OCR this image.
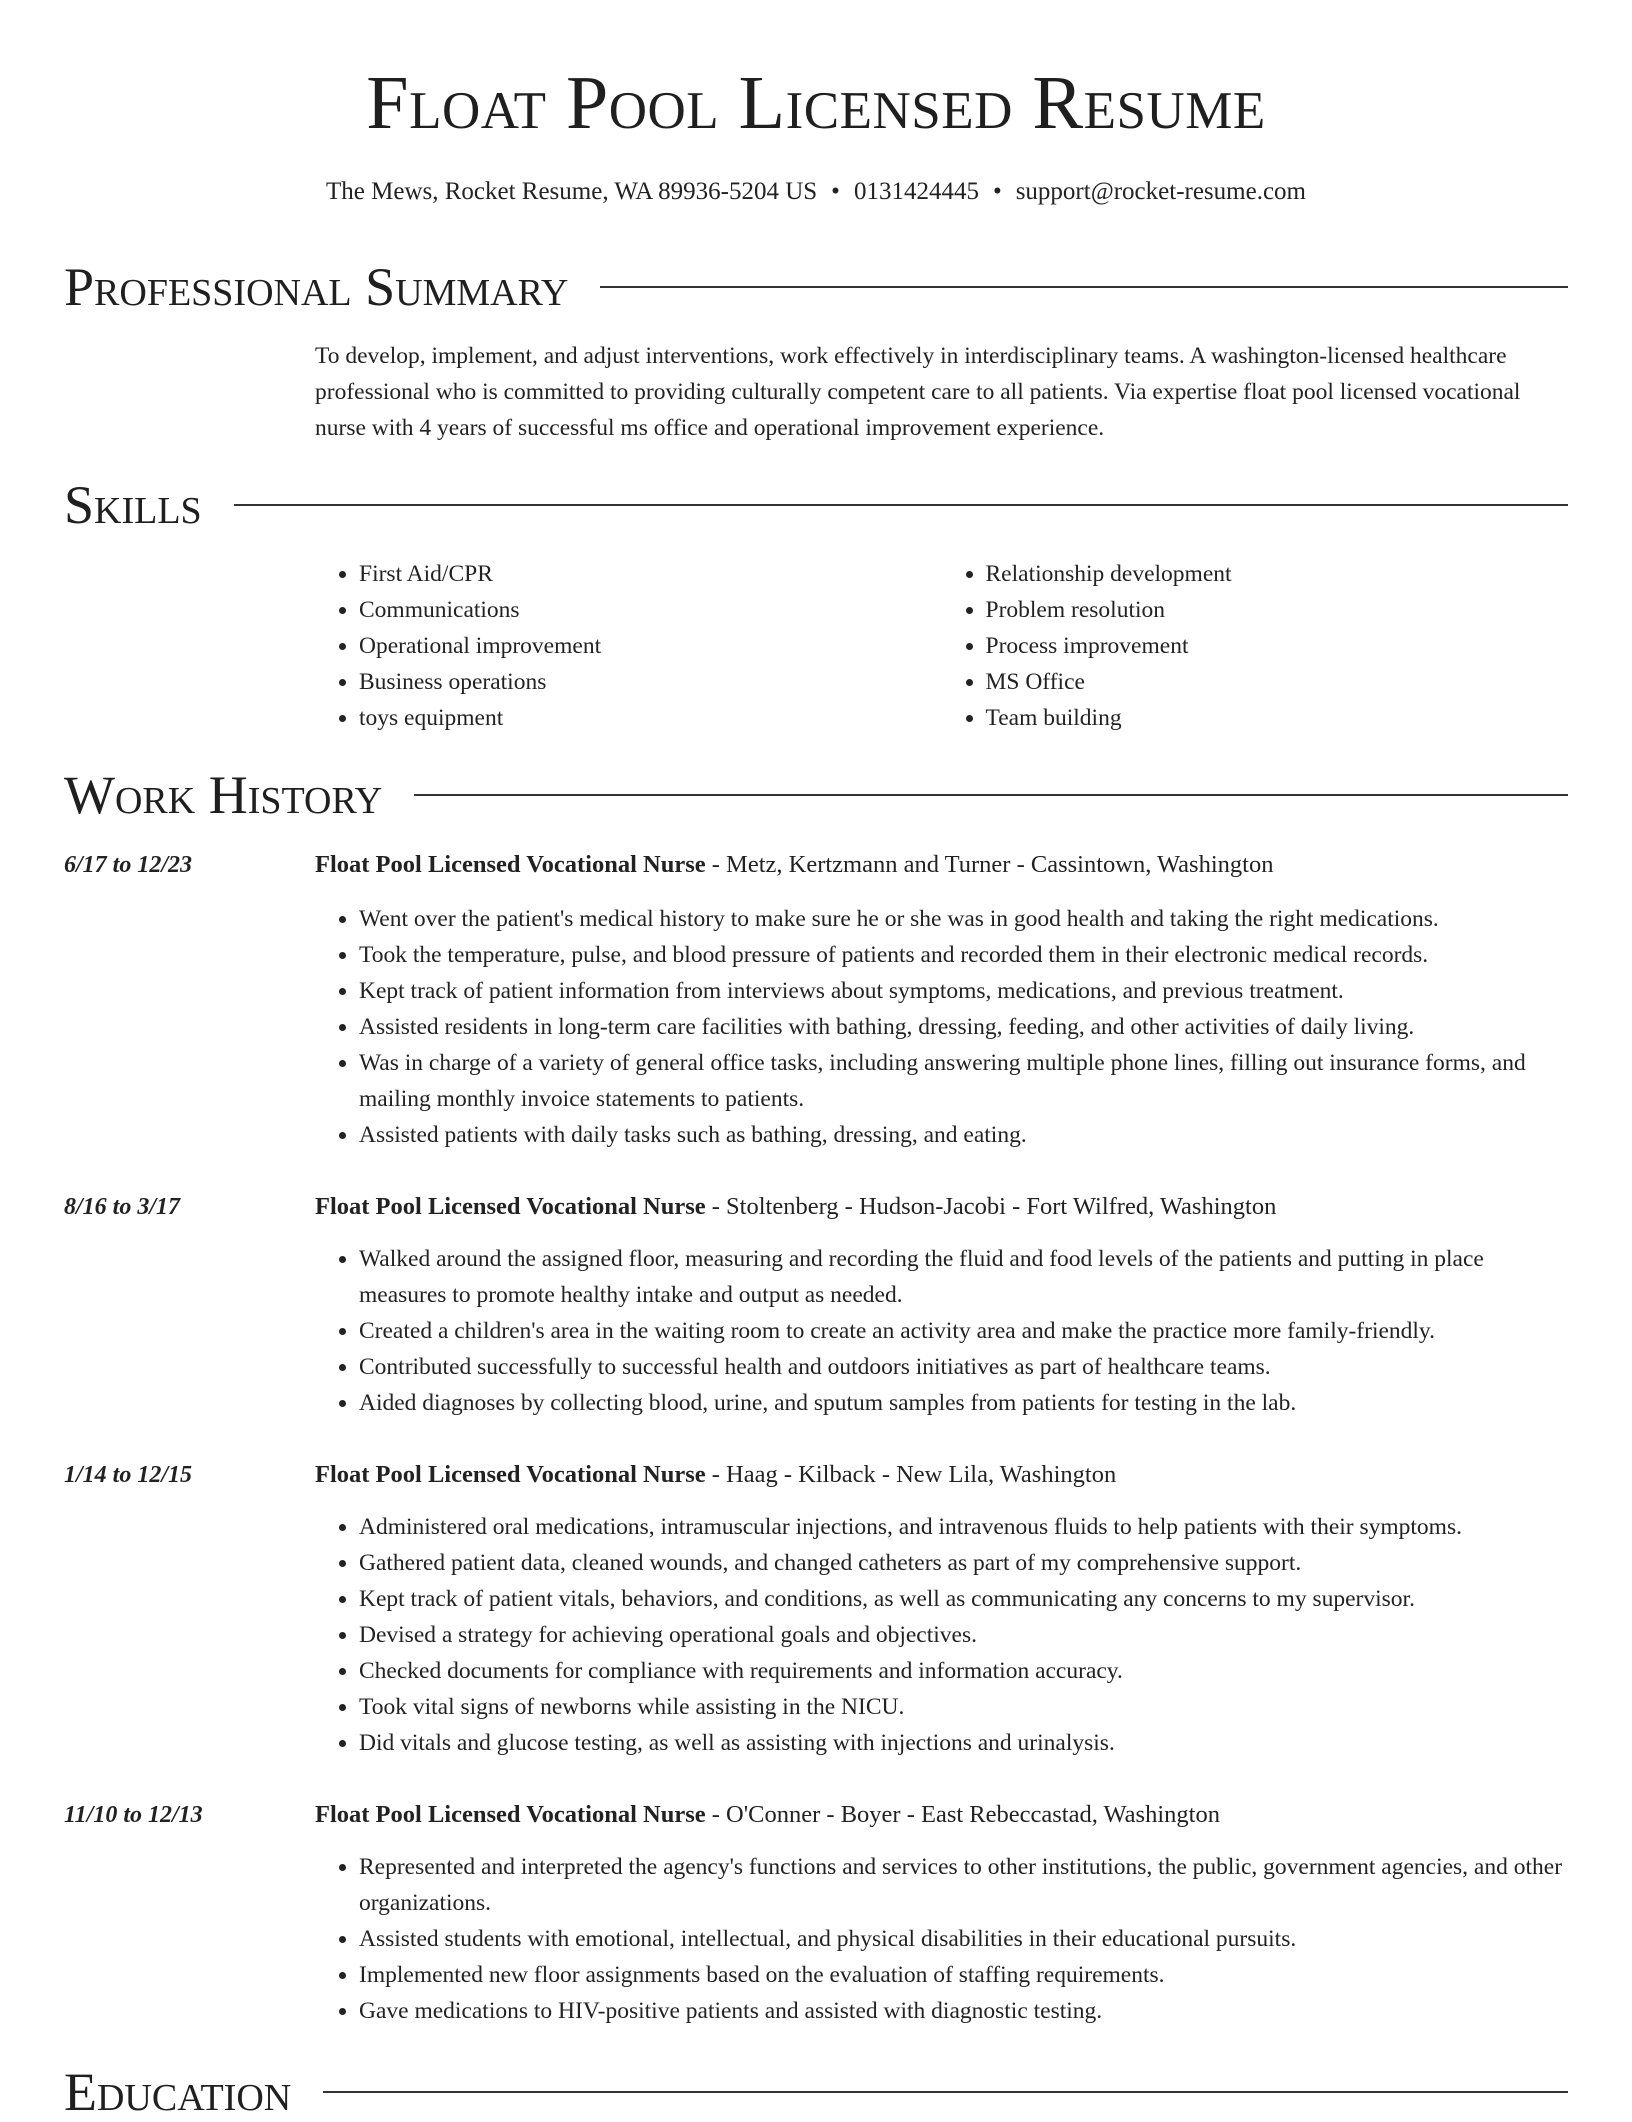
Float Pool Licensed Resume
The Mews, Rocket Resume, WA 89936-5204 US • 0131424445 • support@rocket-resume.com
Professional Summary
To develop, implement, and adjust interventions, work effectively in interdisciplinary teams. A washington-licensed healthcare professional who is committed to providing culturally competent care to all patients. Via expertise float pool licensed vocational nurse with 4 years of successful ms office and operational improvement experience.
Skills
• First Aid/CPR
• Communications
• Operational improvement
• Business operations
• toys equipment
• Relationship development
• Problem resolution
• Process improvement
• MS Office
• Team building
Work History
6/17 to 12/23	Float Pool Licensed Vocational Nurse - Metz, Kertzmann and Turner - Cassintown, Washington
• Went over the patient's medical history to make sure he or she was in good health and taking the right medications.
• Took the temperature, pulse, and blood pressure of patients and recorded them in their electronic medical records.
• Kept track of patient information from interviews about symptoms, medications, and previous treatment.
• Assisted residents in long-term care facilities with bathing, dressing, feeding, and other activities of daily living.
• Was in charge of a variety of general office tasks, including answering multiple phone lines, filling out insurance forms, and mailing monthly invoice statements to patients.
• Assisted patients with daily tasks such as bathing, dressing, and eating.
8/16 to 3/17	Float Pool Licensed Vocational Nurse - Stoltenberg - Hudson-Jacobi - Fort Wilfred, Washington
• Walked around the assigned floor, measuring and recording the fluid and food levels of the patients and putting in place measures to promote healthy intake and output as needed.
• Created a children's area in the waiting room to create an activity area and make the practice more family-friendly.
• Contributed successfully to successful health and outdoors initiatives as part of healthcare teams.
• Aided diagnoses by collecting blood, urine, and sputum samples from patients for testing in the lab.
1/14 to 12/15	Float Pool Licensed Vocational Nurse - Haag - Kilback - New Lila, Washington
• Administered oral medications, intramuscular injections, and intravenous fluids to help patients with their symptoms.
• Gathered patient data, cleaned wounds, and changed catheters as part of my comprehensive support.
• Kept track of patient vitals, behaviors, and conditions, as well as communicating any concerns to my supervisor.
• Devised a strategy for achieving operational goals and objectives.
• Checked documents for compliance with requirements and information accuracy.
• Took vital signs of newborns while assisting in the NICU.
• Did vitals and glucose testing, as well as assisting with injections and urinalysis.
11/10 to 12/13	Float Pool Licensed Vocational Nurse - O'Conner - Boyer - East Rebeccastad, Washington
• Represented and interpreted the agency's functions and services to other institutions, the public, government agencies, and other organizations.
• Assisted students with emotional, intellectual, and physical disabilities in their educational pursuits.
• Implemented new floor assignments based on the evaluation of staffing requirements.
• Gave medications to HIV-positive patients and assisted with diagnostic testing.
Education
